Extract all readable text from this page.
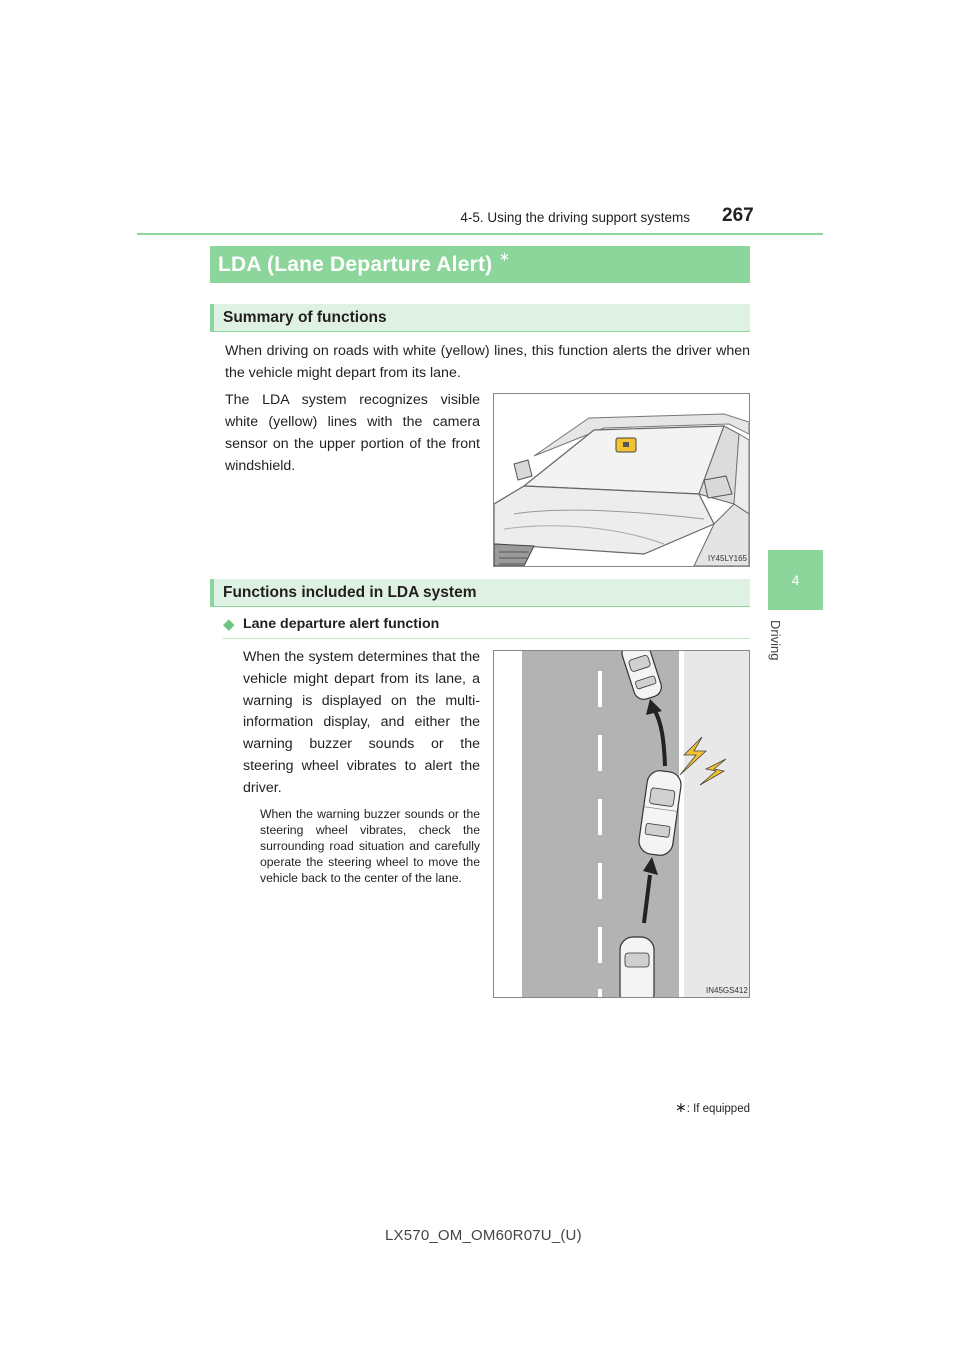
4-5. Using the driving support systems 267
4
Driving
LDA (Lane Departure Alert) ∗
Summary of functions

When driving on roads with white (yellow) lines, this function alerts the driver when the vehicle might depart from its lane.

The LDA system recognizes visible white (yellow) lines with the camera sensor on the upper portion of the front windshield.

IY45LY165
Functions included in LDA system
◆ Lane departure alert function

When the system determines that the vehicle might depart from its lane, a warning is displayed on the multi-information display, and either the warning buzzer sounds or the steering wheel vibrates to alert the driver.

When the warning buzzer sounds or the steering wheel vibrates, check the surrounding road situation and carefully operate the steering wheel to move the vehicle back to the center of the lane.

IN45GS412
∗: If equipped
LX570_OM_OM60R07U_(U)
